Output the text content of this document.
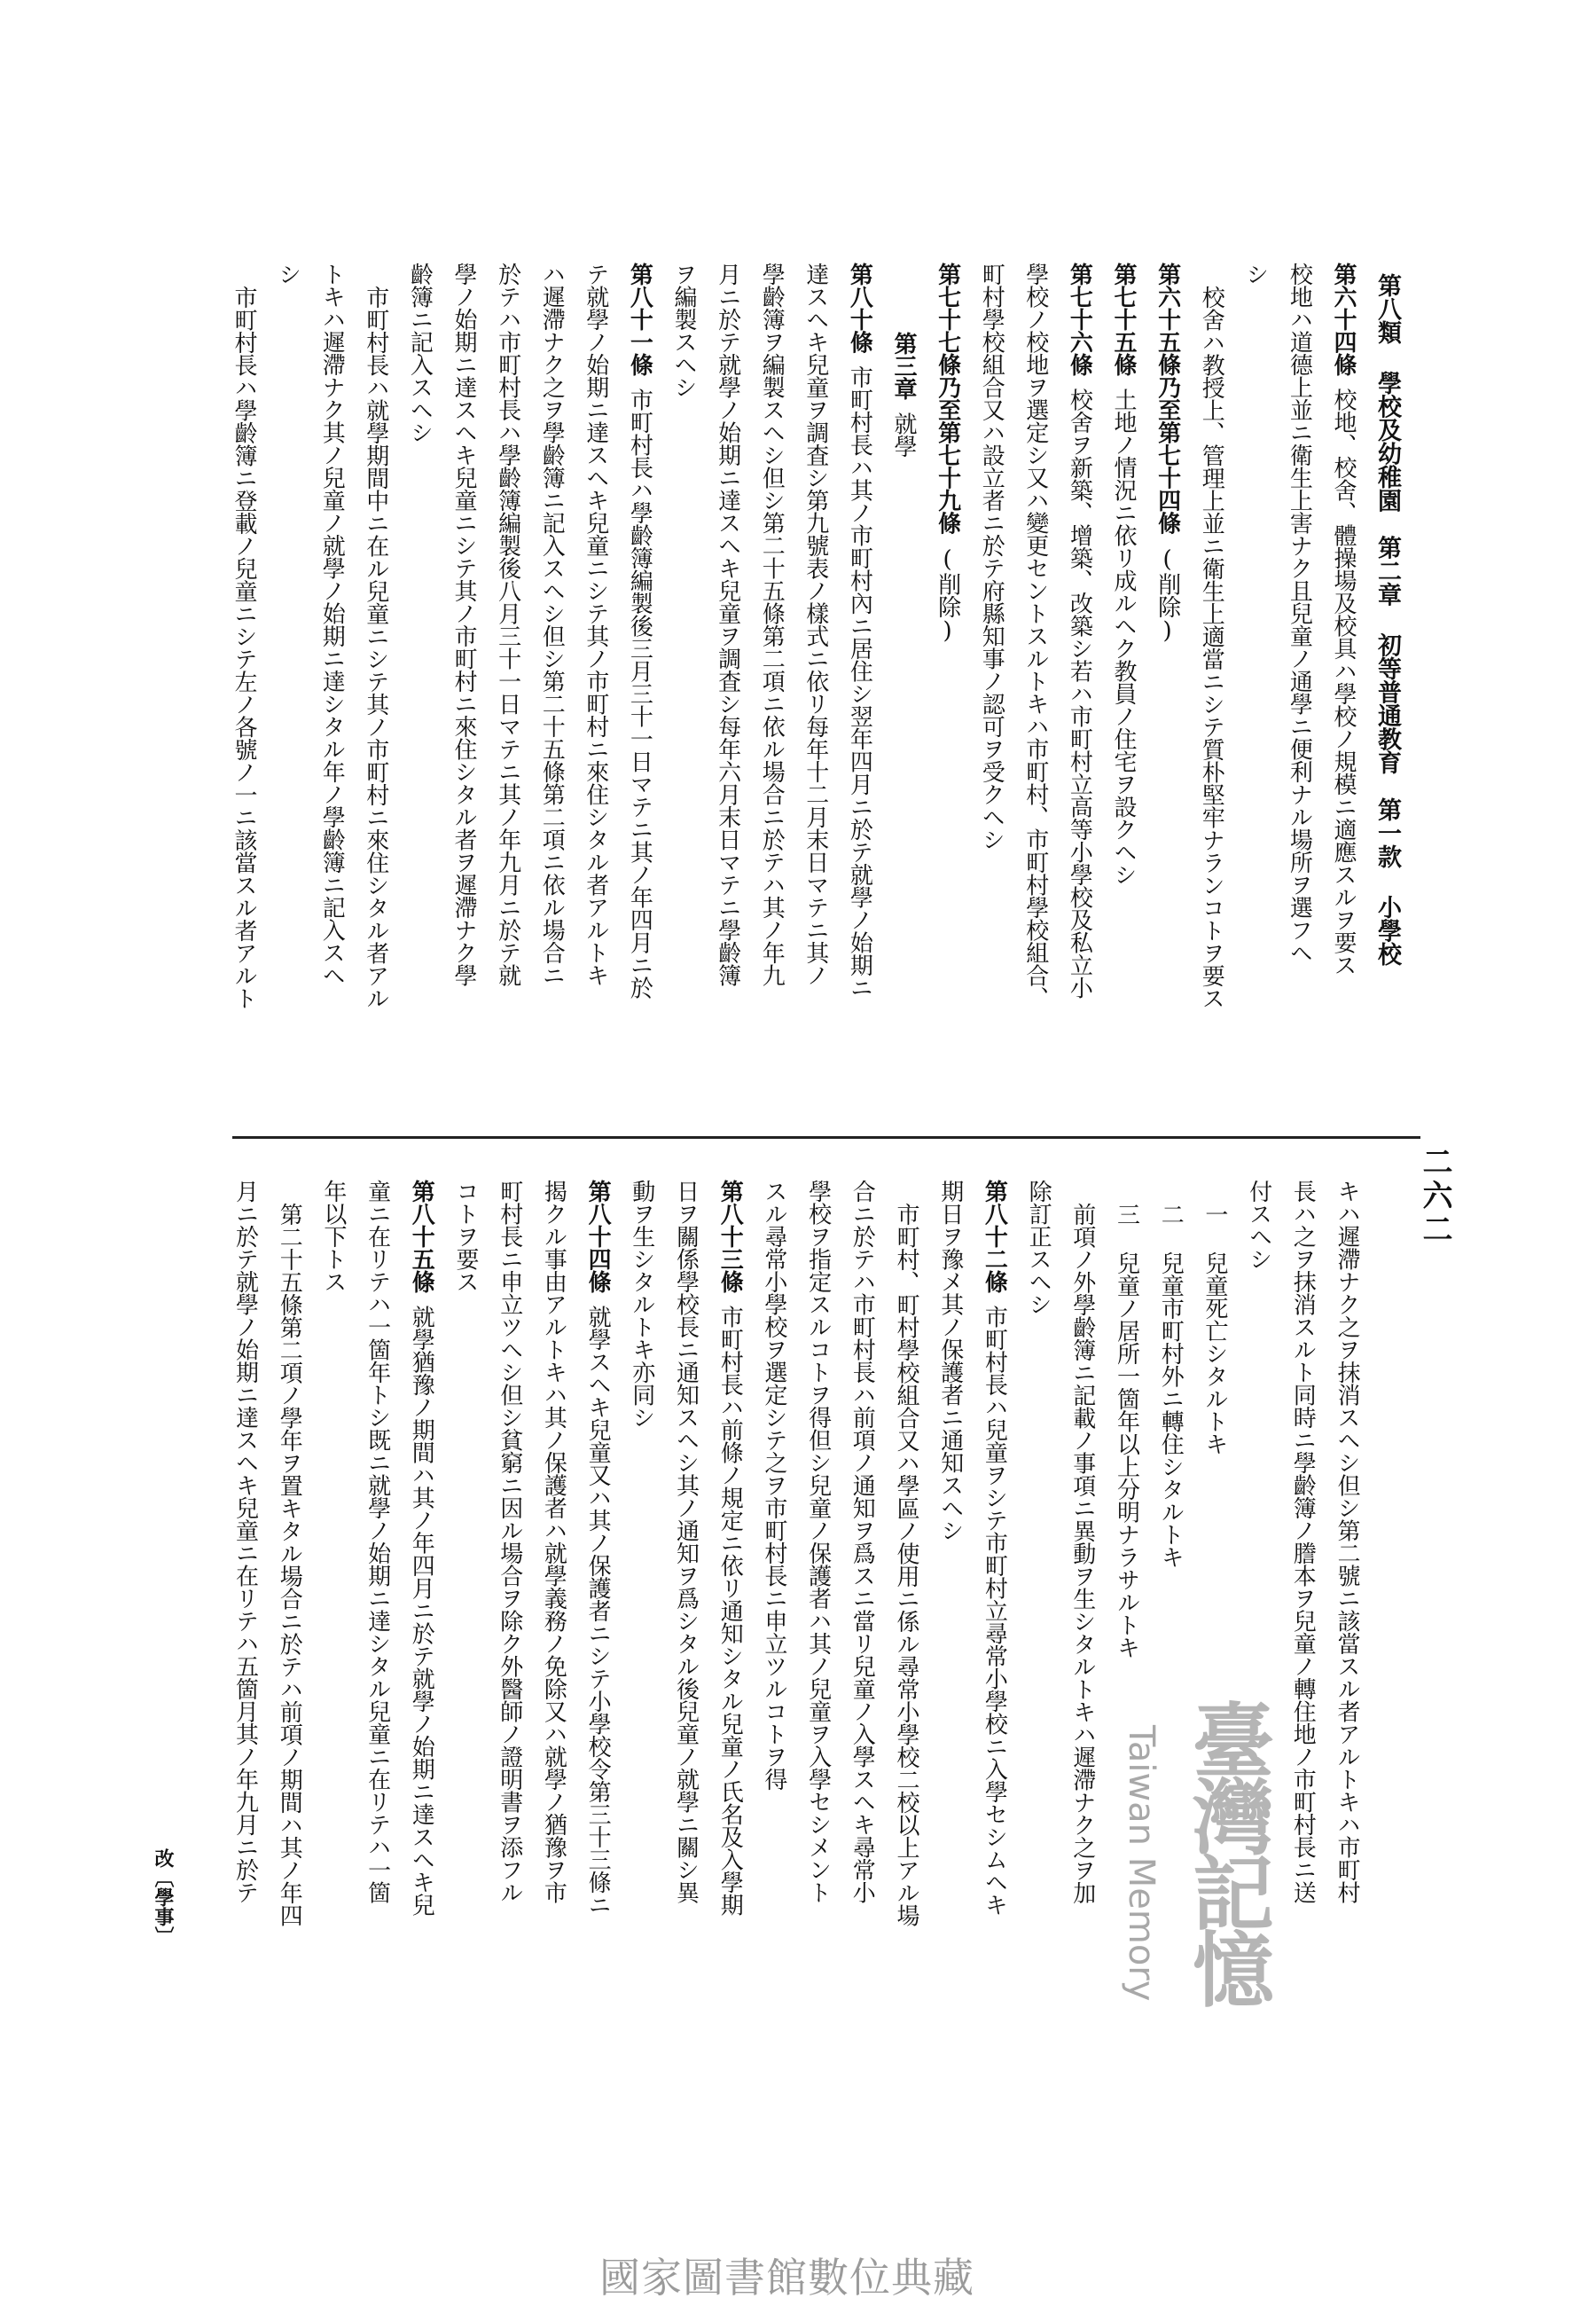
二六二
第八類 學校及幼稚園　第二章 初等普通教育　第一款 小學校
第六十四條校地、校舍、體操場及校具ハ學校ノ規模ニ適應スルヲ要ス
校地ハ道德上並ニ衛生上害ナク且兒童ノ通學ニ便利ナル場所ヲ選フヘ
シ
校舍ハ教授上、管理上並ニ衛生上適當ニシテ質朴堅牢ナランコトヲ要ス
第六十五條乃至第七十四條(削除)
第七十五條土地ノ情況ニ依リ成ルヘク教員ノ住宅ヲ設クヘシ
第七十六條校舍ヲ新築、增築、改築シ若ハ市町村立高等小學校及私立小
學校ノ校地ヲ選定シ又ハ變更セントスルトキハ市町村、市町村學校組合、
町村學校組合又ハ設立者ニ於テ府縣知事ノ認可ヲ受クヘシ
第七十七條乃至第七十九條(削除)
第三章就學
第八十條市町村長ハ其ノ市町村內ニ居住シ翌年四月ニ於テ就學ノ始期ニ
達スヘキ兒童ヲ調査シ第九號表ノ樣式ニ依リ每年十二月末日マテニ其ノ
學齡簿ヲ編製スヘシ但シ第二十五條第二項ニ依ル場合ニ於テハ其ノ年九
月ニ於テ就學ノ始期ニ達スヘキ兒童ヲ調査シ每年六月末日マテニ學齡簿
ヲ編製スヘシ
第八十一條市町村長ハ學齡簿編製後三月三十一日マテニ其ノ年四月ニ於
テ就學ノ始期ニ達スヘキ兒童ニシテ其ノ市町村ニ來住シタル者アルトキ
ハ遲滯ナク之ヲ學齡簿ニ記入スヘシ但シ第二十五條第二項ニ依ル場合ニ
於テハ市町村長ハ學齡簿編製後八月三十一日マテニ其ノ年九月ニ於テ就
學ノ始期ニ達スヘキ兒童ニシテ其ノ市町村ニ來住シタル者ヲ遲滯ナク學
齡簿ニ記入スヘシ
市町村長ハ就學期間中ニ在ル兒童ニシテ其ノ市町村ニ來住シタル者アル
トキハ遲滯ナク其ノ兒童ノ就學ノ始期ニ達シタル年ノ學齡簿ニ記入スヘ
シ
市町村長ハ學齡簿ニ登載ノ兒童ニシテ左ノ各號ノ一ニ該當スル者アルト
キハ遲滯ナク之ヲ抹消スヘシ但シ第二號ニ該當スル者アルトキハ市町村
長ハ之ヲ抹消スルト同時ニ學齡簿ノ謄本ヲ兒童ノ轉住地ノ市町村長ニ送
付スヘシ
一 兒童死亡シタルトキ
二 兒童市町村外ニ轉住シタルトキ
三 兒童ノ居所一箇年以上分明ナラサルトキ
前項ノ外學齡簿ニ記載ノ事項ニ異動ヲ生シタルトキハ遲滯ナク之ヲ加
除訂正スヘシ
第八十二條市町村長ハ兒童ヲシテ市町村立尋常小學校ニ入學セシムヘキ
期日ヲ豫メ其ノ保護者ニ通知スヘシ
市町村、町村學校組合又ハ學區ノ使用ニ係ル尋常小學校二校以上アル場
合ニ於テハ市町村長ハ前項ノ通知ヲ爲スニ當リ兒童ノ入學スヘキ尋常小
學校ヲ指定スルコトヲ得但シ兒童ノ保護者ハ其ノ兒童ヲ入學セシメント
スル尋常小學校ヲ選定シテ之ヲ市町村長ニ申立ツルコトヲ得
第八十三條市町村長ハ前條ノ規定ニ依リ通知シタル兒童ノ氏名及入學期
日ヲ關係學校長ニ通知スヘシ其ノ通知ヲ爲シタル後兒童ノ就學ニ關シ異
動ヲ生シタルトキ亦同シ
第八十四條就學スヘキ兒童又ハ其ノ保護者ニシテ小學校令第三十三條ニ
揭クル事由アルトキハ其ノ保護者ハ就學義務ノ免除又ハ就學ノ猶豫ヲ市
町村長ニ申立ツヘシ但シ貧窮ニ因ル場合ヲ除ク外醫師ノ證明書ヲ添フル
コトヲ要ス
第八十五條就學猶豫ノ期間ハ其ノ年四月ニ於テ就學ノ始期ニ達スヘキ兒
童ニ在リテハ一箇年トシ既ニ就學ノ始期ニ達シタル兒童ニ在リテハ一箇
年以下トス
第二十五條第二項ノ學年ヲ置キタル場合ニ於テハ前項ノ期間ハ其ノ年四
月ニ於テ就學ノ始期ニ達スヘキ兒童ニ在リテハ五箇月其ノ年九月ニ於テ
改〔學事〕	臺灣記憶
Taiwan Memory
國家圖書館數位典藏
